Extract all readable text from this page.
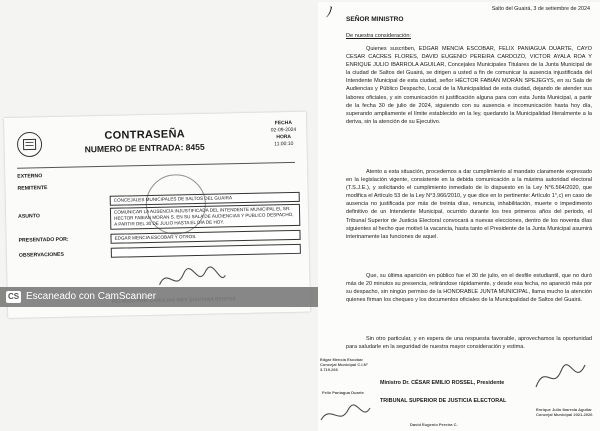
CONTRASEÑA
NUMERO DE ENTRADA: 8455
FECHA
02-09-2024

HORA
11:00:10
EXTERNO
REMITENTE
CONCEJALES MUNICIPALES DE SALTOS DEL GUAIRA
ASUNTO
COMUNICAR LA AUSENCIA INJUSTIFICADA DEL INTENDENTE MUNICIPAL EL SR. HECTOR FABIAN MORAN S. EN SU SALA DE AUDIENCIAS Y PUBLICO DESPACHO, A PARTIR DEL 30 DE JULIO HASTA EL DIA DE HOY.
PRESENTADO POR:	EDGAR MENCIA ESCOBAR Y OTROS.
OBSERVACIONES
CS Escaneado con CamScanner
ﾉ	Salto del Guairá, 3 de setiembre de 2024
SEÑOR MINISTRO
De nuestra consideración:
Quienes suscriben, EDGAR MENCIA ESCOBAR, FELIX PANIAGUA DUARTE, CAYO CESAR CACRES FLORES, DAVID EUGENIO PEREIRA CARDOZO, VICTOR AYALA ROA Y ENRIQUE JULIO IBARROLA AGUILAR, Concejales Municipales Titulares de la Junta Municipal de la ciudad de Saltos del Guairá, se dirigen a usted a fin de comunicar la ausencia injustificada del Intendente Municipal de esta ciudad, señor HÉCTOR FABIÁN MORÁN SPEJEGYS, en su Sala de Audiencias y Público Despacho, Local de la Municipalidad de esta ciudad, dejando de atender sus labores oficiales, y sin comunicación ni justificación alguna para con esta Junta Municipal, a partir de la fecha 30 de julio de 2024, siguiendo con su ausencia e incomunicación hasta hoy día, superando ampliamente el límite establecido en la ley, quedando la Municipalidad literalmente a la deriva, sin la atención de su Ejecutivo.
Atento a esta situación, procedemos a dar cumplimiento al mandato claramente expresado en la legislación vigente, consistente en la debida comunicación a la máxima autoridad electoral (T.S.J.E.), y solicitando el cumplimiento inmediato de lo dispuesto en la Ley N°6.564/2020, que modifica el Artículo 53 de la Ley N°3.966/2010, y que dice en lo pertinente: Artículo 1°,c) en caso de ausencia no justificada por más de treinta días, renuncia, inhabilitación, muerte o impedimento definitivo de un Intendente Municipal, ocurrido durante los tres primeros años del periodo, el Tribunal Superior de Justicia Electoral convocará a nuevas elecciones, dentro de los noventa días siguientes al hecho que motivó la vacancia, hasta tanto el Presidente de la Junta Municipal asumirá interinamente las funciones de aquel.
Que, su última aparición en público fue el 30 de julio, en el desfile estudiantil, que no duró más de 20 minutos su presencia, retirándose rápidamente, y desde esa fecha, no apareció más por su despacho, sin ningún permiso de la HONORABLE JUNTA MUNICIPAL, llama mucho la atención quienes firman los cheques y los documentos oficiales de la Municipalidad de Saltos del Guairá.
Sin otro particular, y en espera de una respuesta favorable, aprovechamos la oportunidad para saludarle en la seguridad de nuestra mayor consideración y estima.
Edgar Mencia Escobar Concejal Municipal C.I.N° 3.719.266
Felix Paniagua Duarte
Ministro Dr. CÉSAR EMILIO ROSSEL, Presidente
TRIBUNAL SUPERIOR DE JUSTICIA ELECTORAL
Enrique Julio Ibarrola Aguilar Concejal Municipal 2021-2026
David Eugenio Pereira C.
